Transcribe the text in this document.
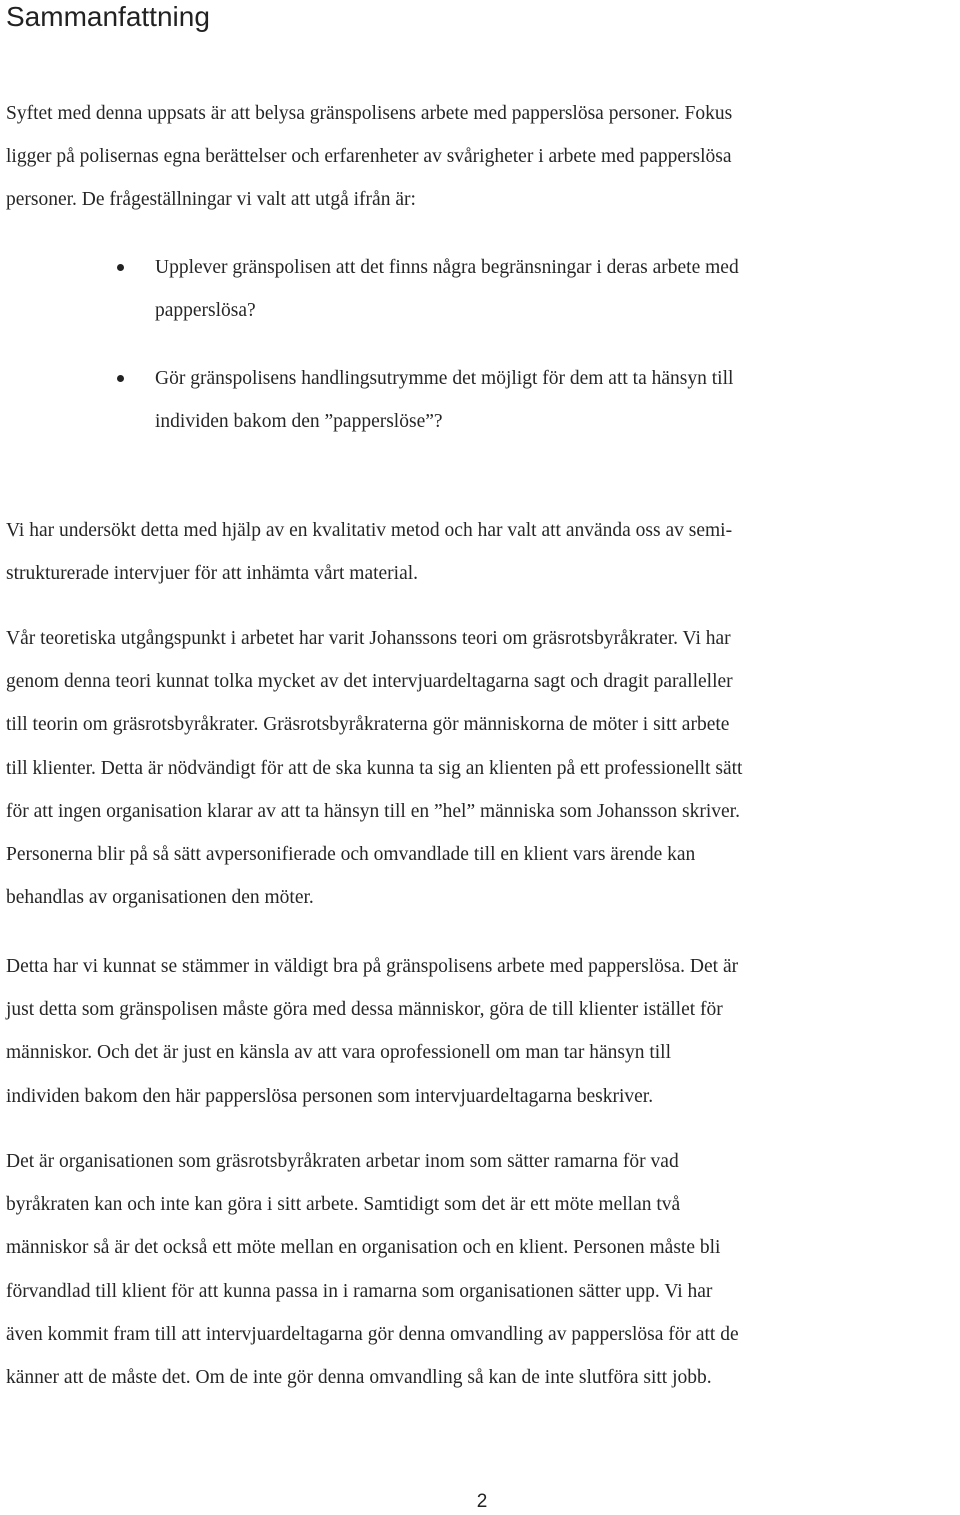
Sammanfattning
Syftet med denna uppsats är att belysa gränspolisens arbete med papperslösa personer. Fokus
ligger på polisernas egna berättelser och erfarenheter av svårigheter i arbete med papperslösa
personer. De frågeställningar vi valt att utgå ifrån är:
Upplever gränspolisen att det finns några begränsningar i deras arbete med
papperslösa?
Gör gränspolisens handlingsutrymme det möjligt för dem att ta hänsyn till
individen bakom den ”papperslöse”?
Vi har undersökt detta med hjälp av en kvalitativ metod och har valt att använda oss av semi-
strukturerade intervjuer för att inhämta vårt material.
Vår teoretiska utgångspunkt i arbetet har varit Johanssons teori om gräsrotsbyråkrater. Vi har
genom denna teori kunnat tolka mycket av det intervjuardeltagarna sagt och dragit paralleller
till teorin om gräsrotsbyråkrater. Gräsrotsbyråkraterna gör människorna de möter i sitt arbete
till klienter. Detta är nödvändigt för att de ska kunna ta sig an klienten på ett professionellt sätt
för att ingen organisation klarar av att ta hänsyn till en ”hel” människa som Johansson skriver.
Personerna blir på så sätt avpersonifierade och omvandlade till en klient vars ärende kan
behandlas av organisationen den möter.
Detta har vi kunnat se stämmer in väldigt bra på gränspolisens arbete med papperslösa. Det är
just detta som gränspolisen måste göra med dessa människor, göra de till klienter istället för
människor. Och det är just en känsla av att vara oprofessionell om man tar hänsyn till
individen bakom den här papperslösa personen som intervjuardeltagarna beskriver.
Det är organisationen som gräsrotsbyråkraten arbetar inom som sätter ramarna för vad
byråkraten kan och inte kan göra i sitt arbete. Samtidigt som det är ett möte mellan två
människor så är det också ett möte mellan en organisation och en klient. Personen måste bli
förvandlad till klient för att kunna passa in i ramarna som organisationen sätter upp. Vi har
även kommit fram till att intervjuardeltagarna gör denna omvandling av papperslösa för att de
känner att de måste det. Om de inte gör denna omvandling så kan de inte slutföra sitt jobb.
2
